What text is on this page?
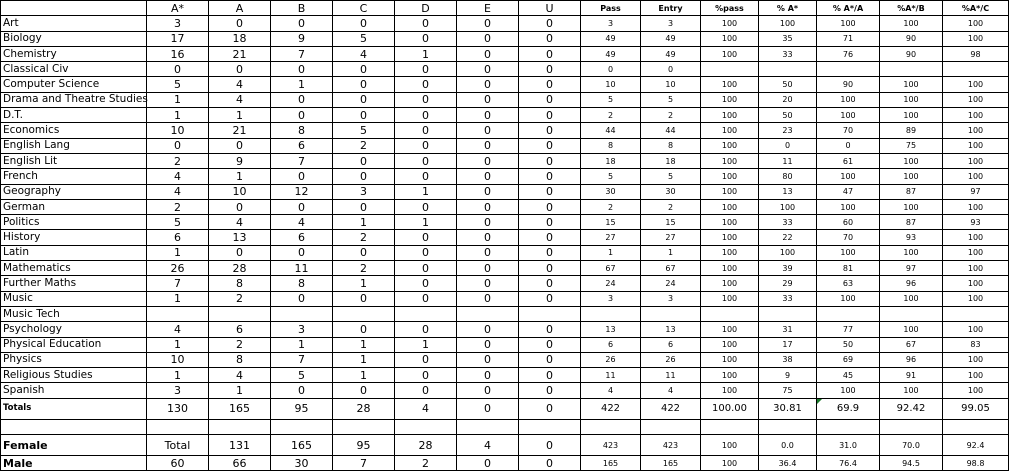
	A*	A	B	C	D	E	U	Pass	Entry	%pass	% A*	% A*/A	%A*/B	%A*/C
Art	3	0	0	0	0	0	0	3	3	100	100	100	100	100
Biology	17	18	9	5	0	0	0	49	49	100	35	71	90	100
Chemistry	16	21	7	4	1	0	0	49	49	100	33	76	90	98
Classical Civ	0	0	0	0	0	0	0	0	0					
Computer Science	5	4	1	0	0	0	0	10	10	100	50	90	100	100
Drama and Theatre Studies	1	4	0	0	0	0	0	5	5	100	20	100	100	100
D.T.	1	1	0	0	0	0	0	2	2	100	50	100	100	100
Economics	10	21	8	5	0	0	0	44	44	100	23	70	89	100
English Lang	0	0	6	2	0	0	0	8	8	100	0	0	75	100
English Lit	2	9	7	0	0	0	0	18	18	100	11	61	100	100
French	4	1	0	0	0	0	0	5	5	100	80	100	100	100
Geography	4	10	12	3	1	0	0	30	30	100	13	47	87	97
German	2	0	0	0	0	0	0	2	2	100	100	100	100	100
Politics	5	4	4	1	1	0	0	15	15	100	33	60	87	93
History	6	13	6	2	0	0	0	27	27	100	22	70	93	100
Latin	1	0	0	0	0	0	0	1	1	100	100	100	100	100
Mathematics	26	28	11	2	0	0	0	67	67	100	39	81	97	100
Further Maths	7	8	8	1	0	0	0	24	24	100	29	63	96	100
Music	1	2	0	0	0	0	0	3	3	100	33	100	100	100
Music Tech														
Psychology	4	6	3	0	0	0	0	13	13	100	31	77	100	100
Physical Education	1	2	1	1	1	0	0	6	6	100	17	50	67	83
Physics	10	8	7	1	0	0	0	26	26	100	38	69	96	100
Religious Studies	1	4	5	1	0	0	0	11	11	100	9	45	91	100
Spanish	3	1	0	0	0	0	0	4	4	100	75	100	100	100
Totals	130	165	95	28	4	0	0	422	422	100.00	30.81	69.9	92.42	99.05

Female	Total	131	165	95	28	4	0	423	423	100	0.0	31.0	70.0	92.4
Male	60	66	30	7	2	0	0	165	165	100	36.4	76.4	94.5	98.8
